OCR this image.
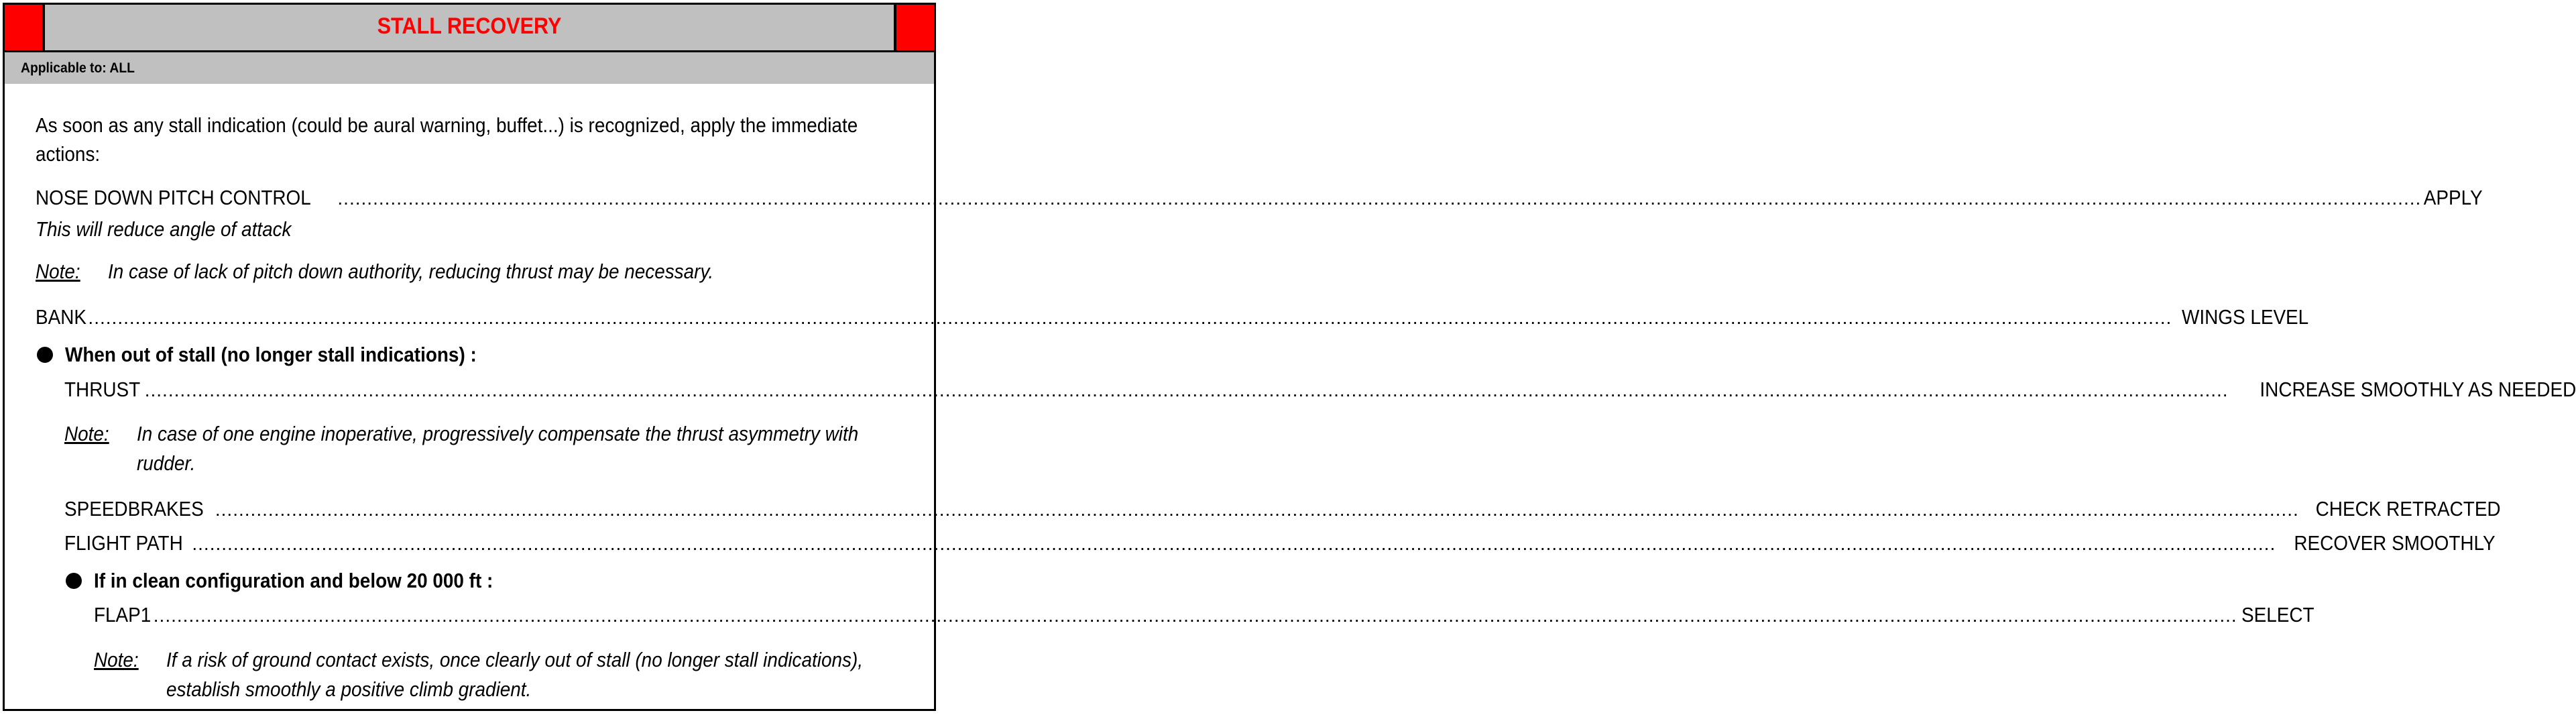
STALL RECOVERY
Applicable to: ALL
As soon as any stall indication (could be aural warning, buffet...) is recognized, apply the immediate
actions:
NOSE DOWN PITCH CONTROL .................................................................................................................................................................................................................................................................................................................................................................. APPLY
This will reduce angle of attack
Note:	In case of lack of pitch down authority, reducing thrust may be necessary.
BANK .................................................................................................................................................................................................................................................................................................................................................................. WINGS LEVEL
When out of stall (no longer stall indications) :
THRUST .................................................................................................................................................................................................................................................................................................................................................................. INCREASE SMOOTHLY AS NEEDED
Note:	In case of one engine inoperative, progressively compensate the thrust asymmetry with
rudder.
SPEEDBRAKES .................................................................................................................................................................................................................................................................................................................................................................. CHECK RETRACTED
FLIGHT PATH .................................................................................................................................................................................................................................................................................................................................................................. RECOVER SMOOTHLY
If in clean configuration and below 20 000 ft :
FLAP1 .................................................................................................................................................................................................................................................................................................................................................................. SELECT
Note:	If a risk of ground contact exists, once clearly out of stall (no longer stall indications),
establish smoothly a positive climb gradient.
